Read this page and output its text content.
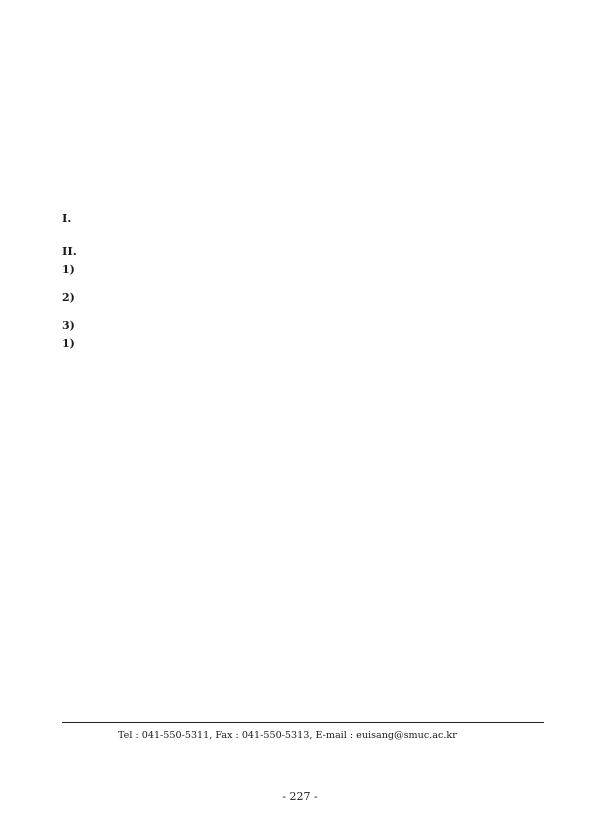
I.

II.
1)

2)

3)
1)

Tel : 041-550-5311, Fax : 041-550-5313, E-mail : euisang@smuc.ac.kr
- 227 -
